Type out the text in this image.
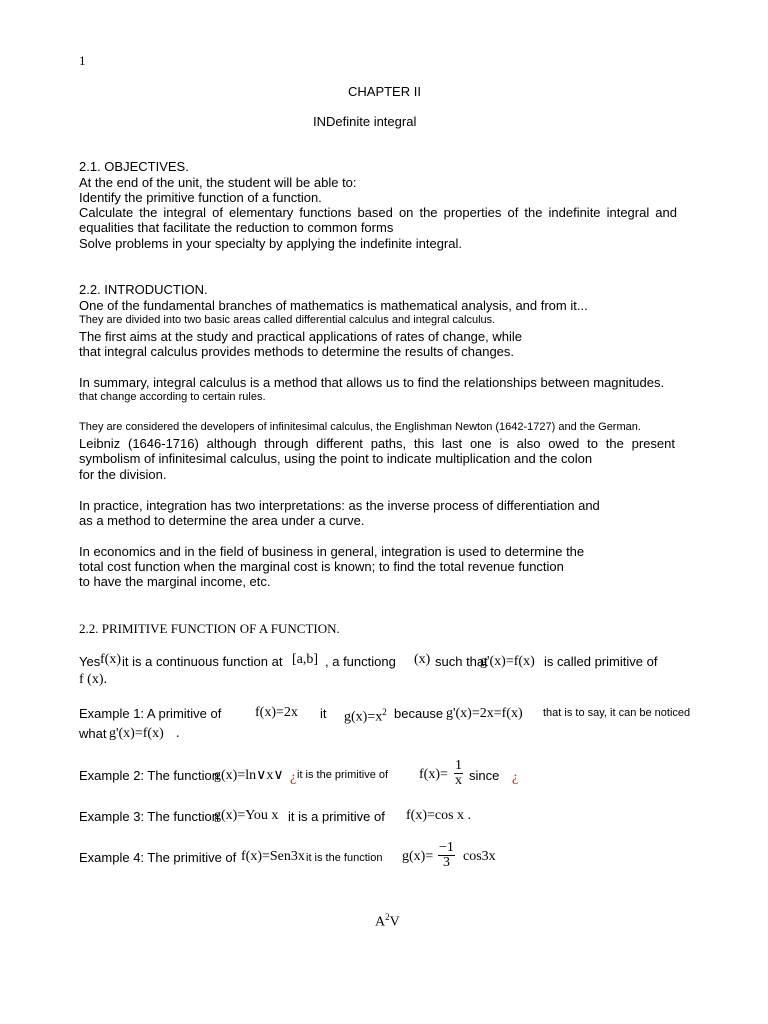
1
CHAPTER II
INDefinite integral
2.1. OBJECTIVES.
At the end of the unit, the student will be able to:
Identify the primitive function of a function.
Calculate the integral of elementary functions based on the properties of the indefinite integral and equalities that facilitate the reduction to common forms
Solve problems in your specialty by applying the indefinite integral.
2.2. INTRODUCTION.
One of the fundamental branches of mathematics is mathematical analysis, and from it...
They are divided into two basic areas called differential calculus and integral calculus.
The first aims at the study and practical applications of rates of change, while
that integral calculus provides methods to determine the results of changes.
In summary, integral calculus is a method that allows us to find the relationships between magnitudes.
that change according to certain rules.
They are considered the developers of infinitesimal calculus, the Englishman Newton (1642-1727) and the German.
Leibniz (1646-1716) although through different paths, this last one is also owed to the present symbolism of infinitesimal calculus, using the point to indicate multiplication and the colon
for the division.
In practice, integration has two interpretations: as the inverse process of differentiation and
as a method to determine the area under a curve.
In economics and in the field of business in general, integration is used to determine the
total cost function when the marginal cost is known; to find the total revenue function
to have the marginal income, etc.
2.2. PRIMITIVE FUNCTION OF A FUNCTION.
Yes f(x) it is a continuous function at [a,b] , a functiong (x) such that
g'(x)=f(x) is called primitive of
f (x).
Example 1: A primitive of f(x)=2x it $g(x)=x^2$ because g'(x)=2x=f(x) that is to say, it can be noticed
what g'(x)=f(x) .
Example 2: The function
g(x)=ln∨x∨ ¿ it is the primitive of $f(x)= \frac{1}{x}$ since ¿
Example 3: The function
g(x)=You x it is a primitive of f(x)=cos x .
Example 4: The primitive of f(x)=Sen3x it is the function $g(x)= \frac{-1}{3} \cos 3x$
$A^2V$
